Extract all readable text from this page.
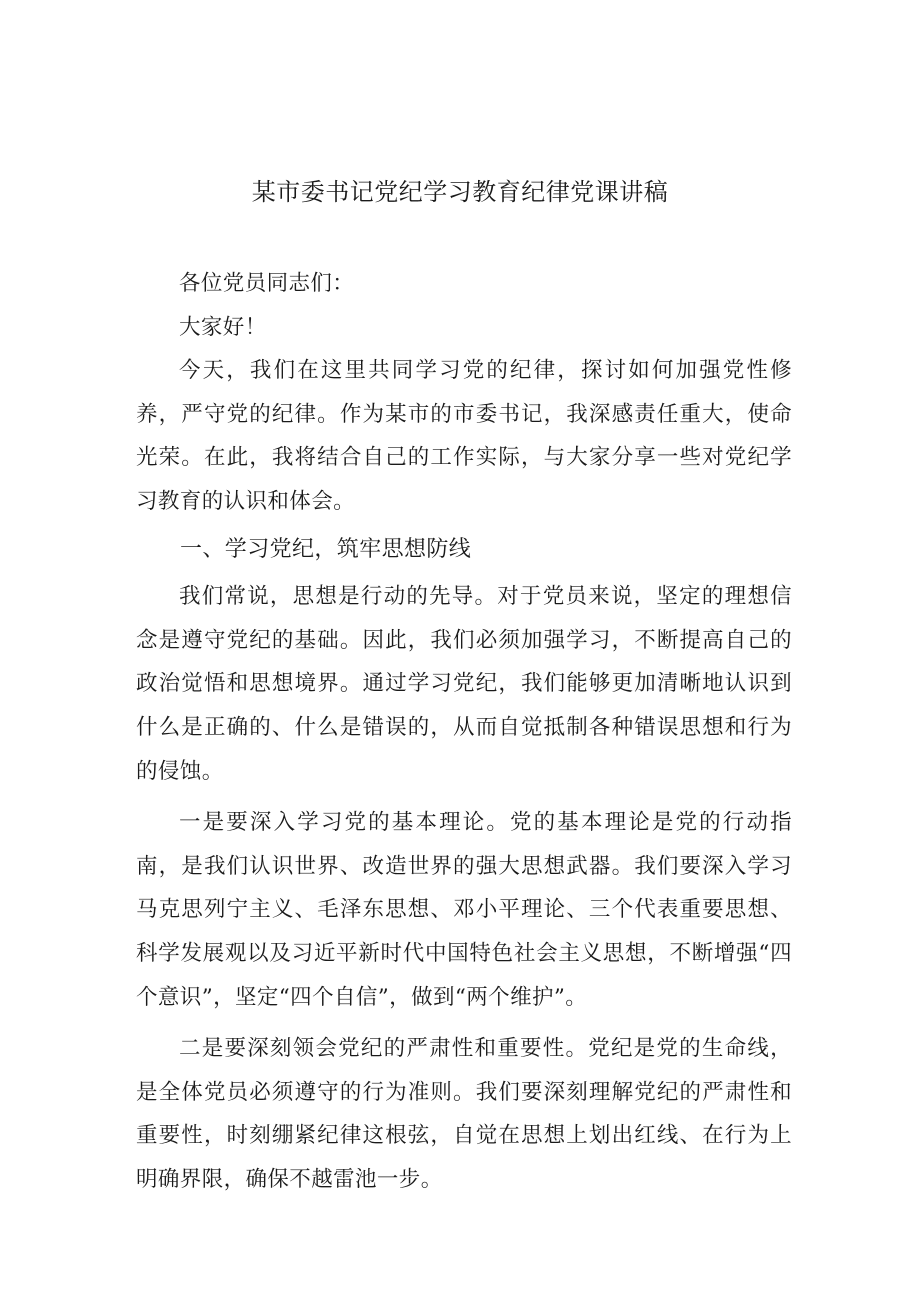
某市委书记党纪学习教育纪律党课讲稿

各位党员同志们：

大家好！

今天，我们在这里共同学习党的纪律，探讨如何加强党性修养，严守党的纪律。作为某市的市委书记，我深感责任重大，使命光荣。在此，我将结合自己的工作实际，与大家分享一些对党纪学习教育的认识和体会。

一、学习党纪，筑牢思想防线

我们常说，思想是行动的先导。对于党员来说，坚定的理想信念是遵守党纪的基础。因此，我们必须加强学习，不断提高自己的政治觉悟和思想境界。通过学习党纪，我们能够更加清晰地认识到什么是正确的、什么是错误的，从而自觉抵制各种错误思想和行为的侵蚀。

一是要深入学习党的基本理论。党的基本理论是党的行动指南，是我们认识世界、改造世界的强大思想武器。我们要深入学习马克思列宁主义、毛泽东思想、邓小平理论、三个代表重要思想、科学发展观以及习近平新时代中国特色社会主义思想，不断增强“四个意识”，坚定“四个自信”，做到“两个维护”。

二是要深刻领会党纪的严肃性和重要性。党纪是党的生命线，是全体党员必须遵守的行为准则。我们要深刻理解党纪的严肃性和重要性，时刻绷紧纪律这根弦，自觉在思想上划出红线、在行为上明确界限，确保不越雷池一步。
